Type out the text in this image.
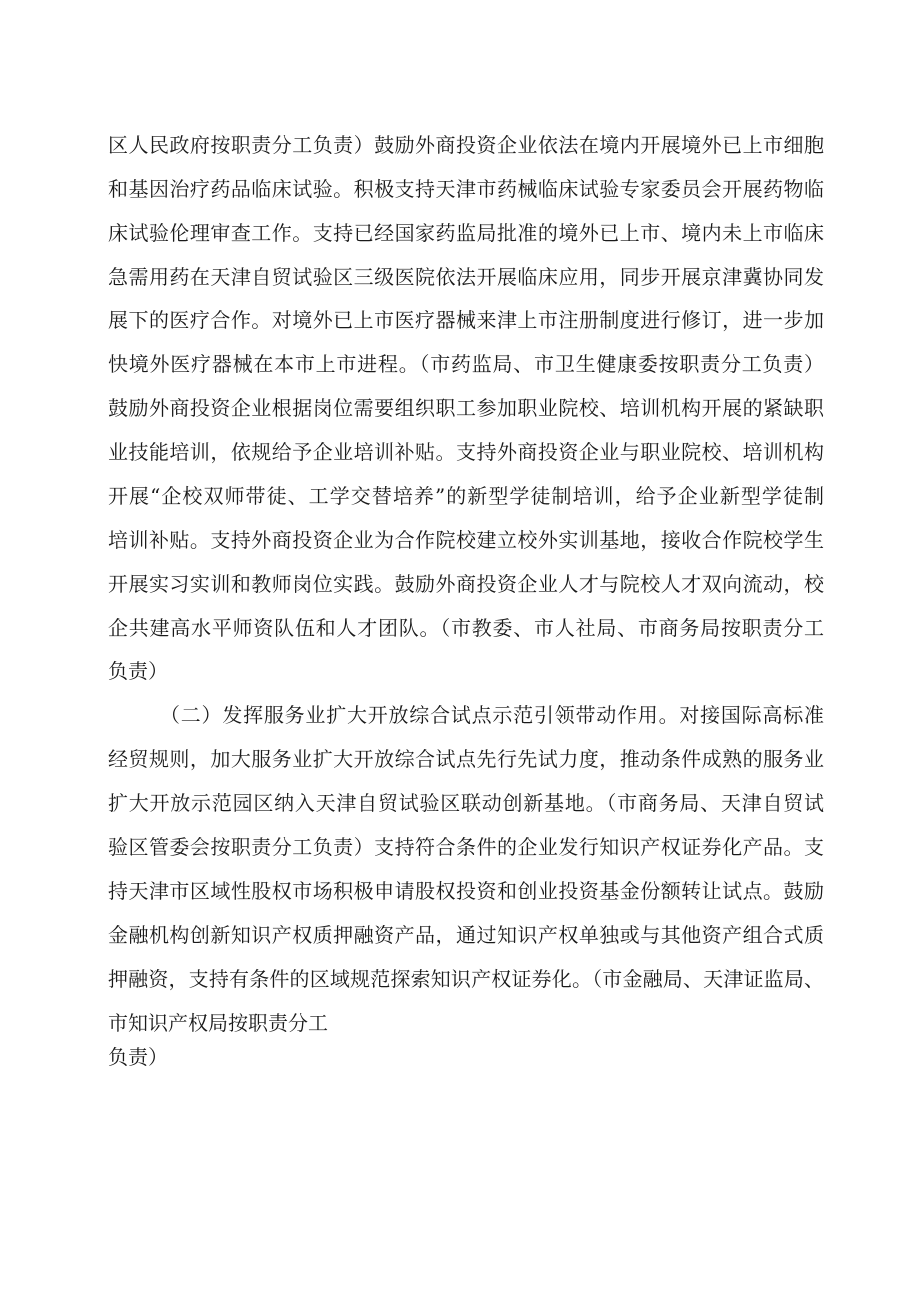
区人民政府按职责分工负责）鼓励外商投资企业依法在境内开展境外已上市细胞
和基因治疗药品临床试验。积极支持天津市药械临床试验专家委员会开展药物临
床试验伦理审查工作。支持已经国家药监局批准的境外已上市、境内未上市临床
急需用药在天津自贸试验区三级医院依法开展临床应用，同步开展京津冀协同发
展下的医疗合作。对境外已上市医疗器械来津上市注册制度进行修订，进一步加
快境外医疗器械在本市上市进程。（市药监局、市卫生健康委按职责分工负责）
鼓励外商投资企业根据岗位需要组织职工参加职业院校、培训机构开展的紧缺职
业技能培训，依规给予企业培训补贴。支持外商投资企业与职业院校、培训机构
开展“企校双师带徒、工学交替培养”的新型学徒制培训，给予企业新型学徒制
培训补贴。支持外商投资企业为合作院校建立校外实训基地，接收合作院校学生
开展实习实训和教师岗位实践。鼓励外商投资企业人才与院校人才双向流动，校
企共建高水平师资队伍和人才团队。（市教委、市人社局、市商务局按职责分工
负责）
（二）发挥服务业扩大开放综合试点示范引领带动作用。对接国际高标准
经贸规则，加大服务业扩大开放综合试点先行先试力度，推动条件成熟的服务业
扩大开放示范园区纳入天津自贸试验区联动创新基地。（市商务局、天津自贸试
验区管委会按职责分工负责）支持符合条件的企业发行知识产权证券化产品。支
持天津市区域性股权市场积极申请股权投资和创业投资基金份额转让试点。鼓励
金融机构创新知识产权质押融资产品，通过知识产权单独或与其他资产组合式质
押融资，支持有条件的区域规范探索知识产权证券化。（市金融局、天津证监局、
市知识产权局按职责分工
负责）
